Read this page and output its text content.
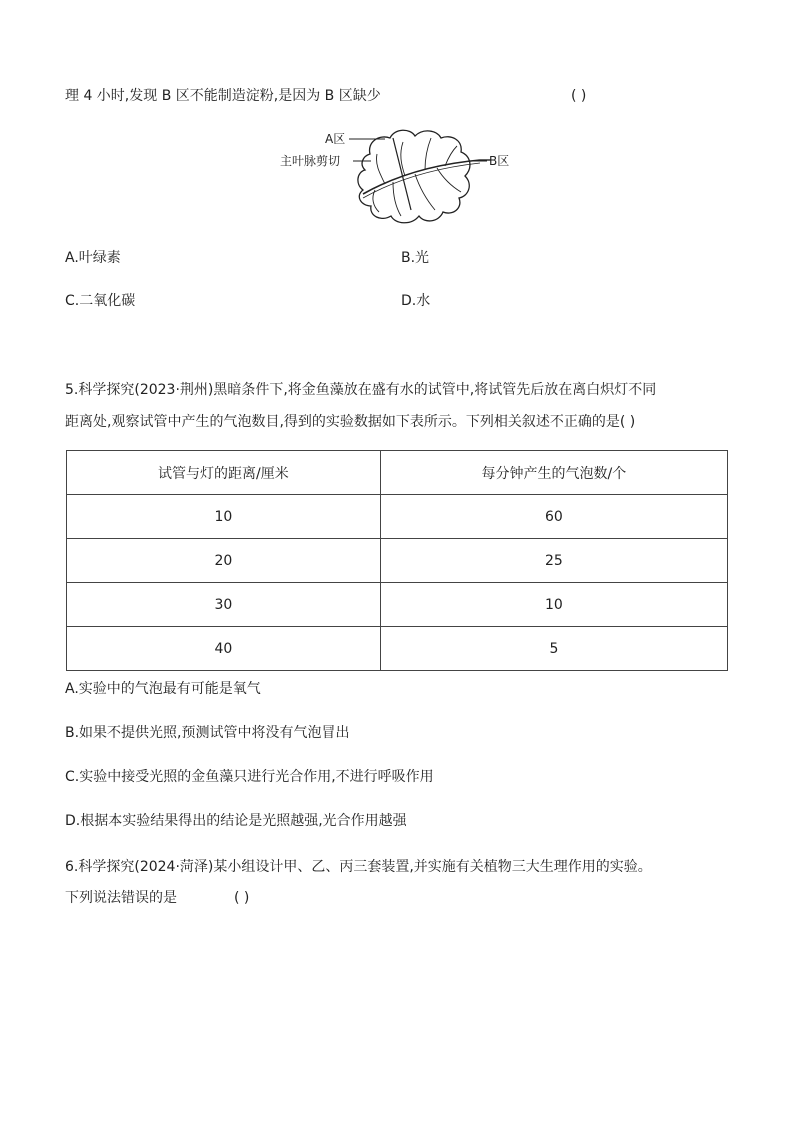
理 4 小时,发现 B 区不能制造淀粉,是因为 B 区缺少	( )
A区
主叶脉剪切	B区
A.叶绿素	B.光
C.二氧化碳	D.水
5.科学探究(2023·荆州)黑暗条件下,将金鱼藻放在盛有水的试管中,将试管先后放在离白炽灯不同
距离处,观察试管中产生的气泡数目,得到的实验数据如下表所示。下列相关叙述不正确的是( )
试管与灯的距离/厘米	每分钟产生的气泡数/个
10	60
20	25
30	10
40	5
A.实验中的气泡最有可能是氧气
B.如果不提供光照,预测试管中将没有气泡冒出
C.实验中接受光照的金鱼藻只进行光合作用,不进行呼吸作用
D.根据本实验结果得出的结论是光照越强,光合作用越强
6.科学探究(2024·菏泽)某小组设计甲、乙、丙三套装置,并实施有关植物三大生理作用的实验。
下列说法错误的是	( )
